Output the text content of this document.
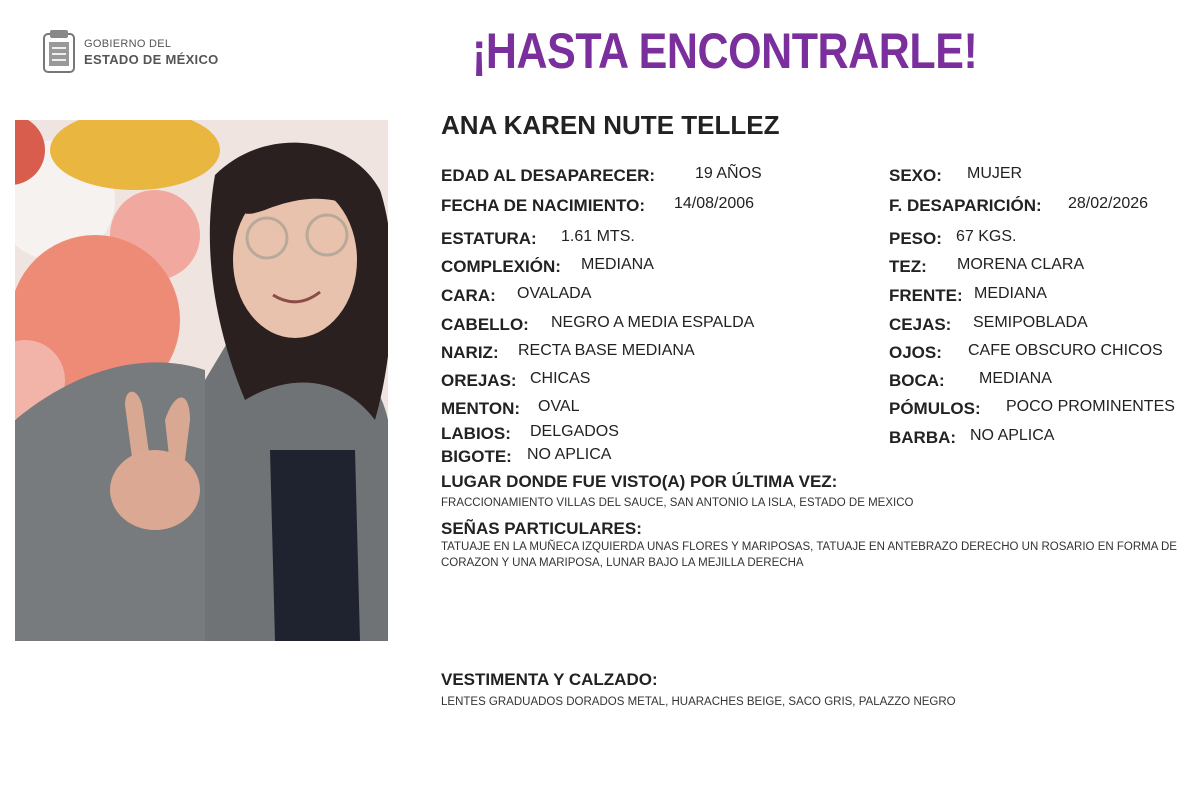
GOBIERNO DEL
ESTADO DE MÉXICO	¡HASTA ENCONTRARLE!
ANA KAREN NUTE TELLEZ
EDAD AL DESAPARECER: 19 AÑOS
FECHA DE NACIMIENTO: 14/08/2006
ESTATURA: 1.61 MTS.
COMPLEXIÓN: MEDIANA
CARA: OVALADA
CABELLO: NEGRO A MEDIA ESPALDA
NARIZ: RECTA BASE MEDIANA
OREJAS: CHICAS
MENTON: OVAL
LABIOS: DELGADOS
BIGOTE: NO APLICA
SEXO: MUJER
F. DESAPARICIÓN: 28/02/2026
PESO: 67 KGS.
TEZ: MORENA CLARA
FRENTE: MEDIANA
CEJAS: SEMIPOBLADA
OJOS: CAFE OBSCURO CHICOS
BOCA: MEDIANA
PÓMULOS: POCO PROMINENTES
BARBA: NO APLICA
LUGAR DONDE FUE VISTO(A) POR ÚLTIMA VEZ:
FRACCIONAMIENTO VILLAS DEL SAUCE, SAN ANTONIO LA ISLA, ESTADO DE MEXICO
SEÑAS PARTICULARES:
TATUAJE EN LA MUÑECA IZQUIERDA UNAS FLORES Y MARIPOSAS, TATUAJE EN ANTEBRAZO DERECHO UN ROSARIO EN FORMA DE CORAZON Y UNA MARIPOSA, LUNAR BAJO LA MEJILLA DERECHA
VESTIMENTA Y CALZADO:
LENTES GRADUADOS DORADOS METAL, HUARACHES BEIGE, SACO GRIS, PALAZZO NEGRO
